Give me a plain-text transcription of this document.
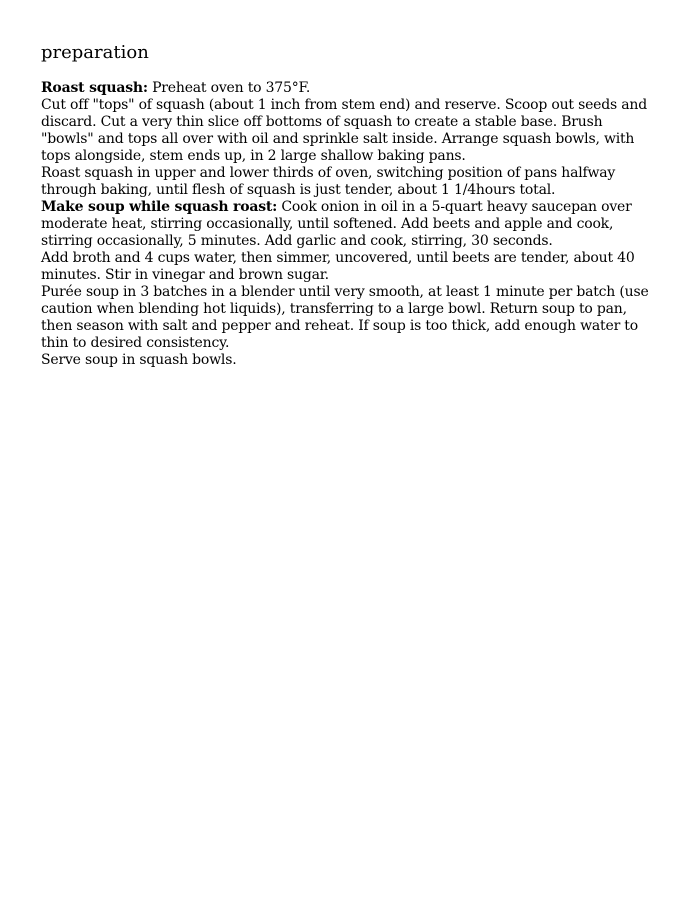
preparation

Roast squash: Preheat oven to 375°F.

Cut off "tops" of squash (about 1 inch from stem end) and reserve. Scoop out seeds and discard. Cut a very thin slice off bottoms of squash to create a stable base. Brush "bowls" and tops all over with oil and sprinkle salt inside. Arrange squash bowls, with tops alongside, stem ends up, in 2 large shallow baking pans.

Roast squash in upper and lower thirds of oven, switching position of pans halfway through baking, until flesh of squash is just tender, about 1 1/4hours total.

Make soup while squash roast: Cook onion in oil in a 5-quart heavy saucepan over moderate heat, stirring occasionally, until softened. Add beets and apple and cook, stirring occasionally, 5 minutes. Add garlic and cook, stirring, 30 seconds.

Add broth and 4 cups water, then simmer, uncovered, until beets are tender, about 40 minutes. Stir in vinegar and brown sugar.

Purée soup in 3 batches in a blender until very smooth, at least 1 minute per batch (use caution when blending hot liquids), transferring to a large bowl. Return soup to pan, then season with salt and pepper and reheat. If soup is too thick, add enough water to thin to desired consistency.

Serve soup in squash bowls.
